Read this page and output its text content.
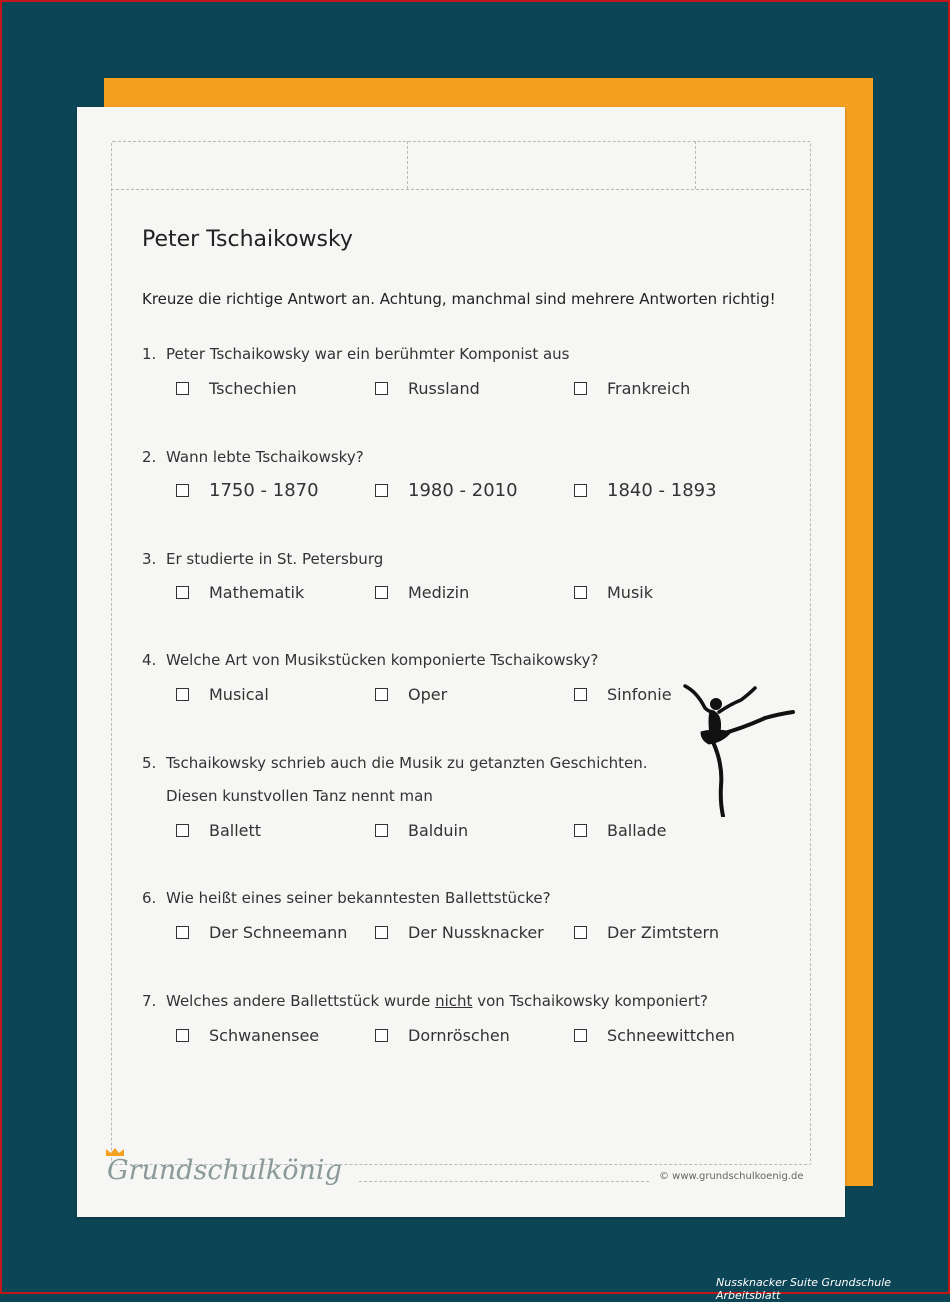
Peter Tschaikowsky
Kreuze die richtige Antwort an. Achtung, manchmal sind mehrere Antworten richtig!
1. Peter Tschaikowsky war ein berühmter Komponist aus
Tschechien	Russland	Frankreich
2. Wann lebte Tschaikowsky?
1750 - 1870	1980 - 2010	1840 - 1893
3. Er studierte in St. Petersburg
Mathematik	Medizin	Musik
4. Welche Art von Musikstücken komponierte Tschaikowsky?
Musical	Oper	Sinfonie
5. Tschaikowsky schrieb auch die Musik zu getanzten Geschichten.
Diesen kunstvollen Tanz nennt man
Ballett	Balduin	Ballade
6. Wie heißt eines seiner bekanntesten Ballettstücke?
Der Schneemann	Der Nussknacker	Der Zimtstern
7. Welches andere Ballettstück wurde nicht von Tschaikowsky komponiert?
Schwanensee	Dornröschen	Schneewittchen
Grundschulkönig	© www.grundschulkoenig.de
Nussknacker Suite Grundschule Arbeitsblatt
